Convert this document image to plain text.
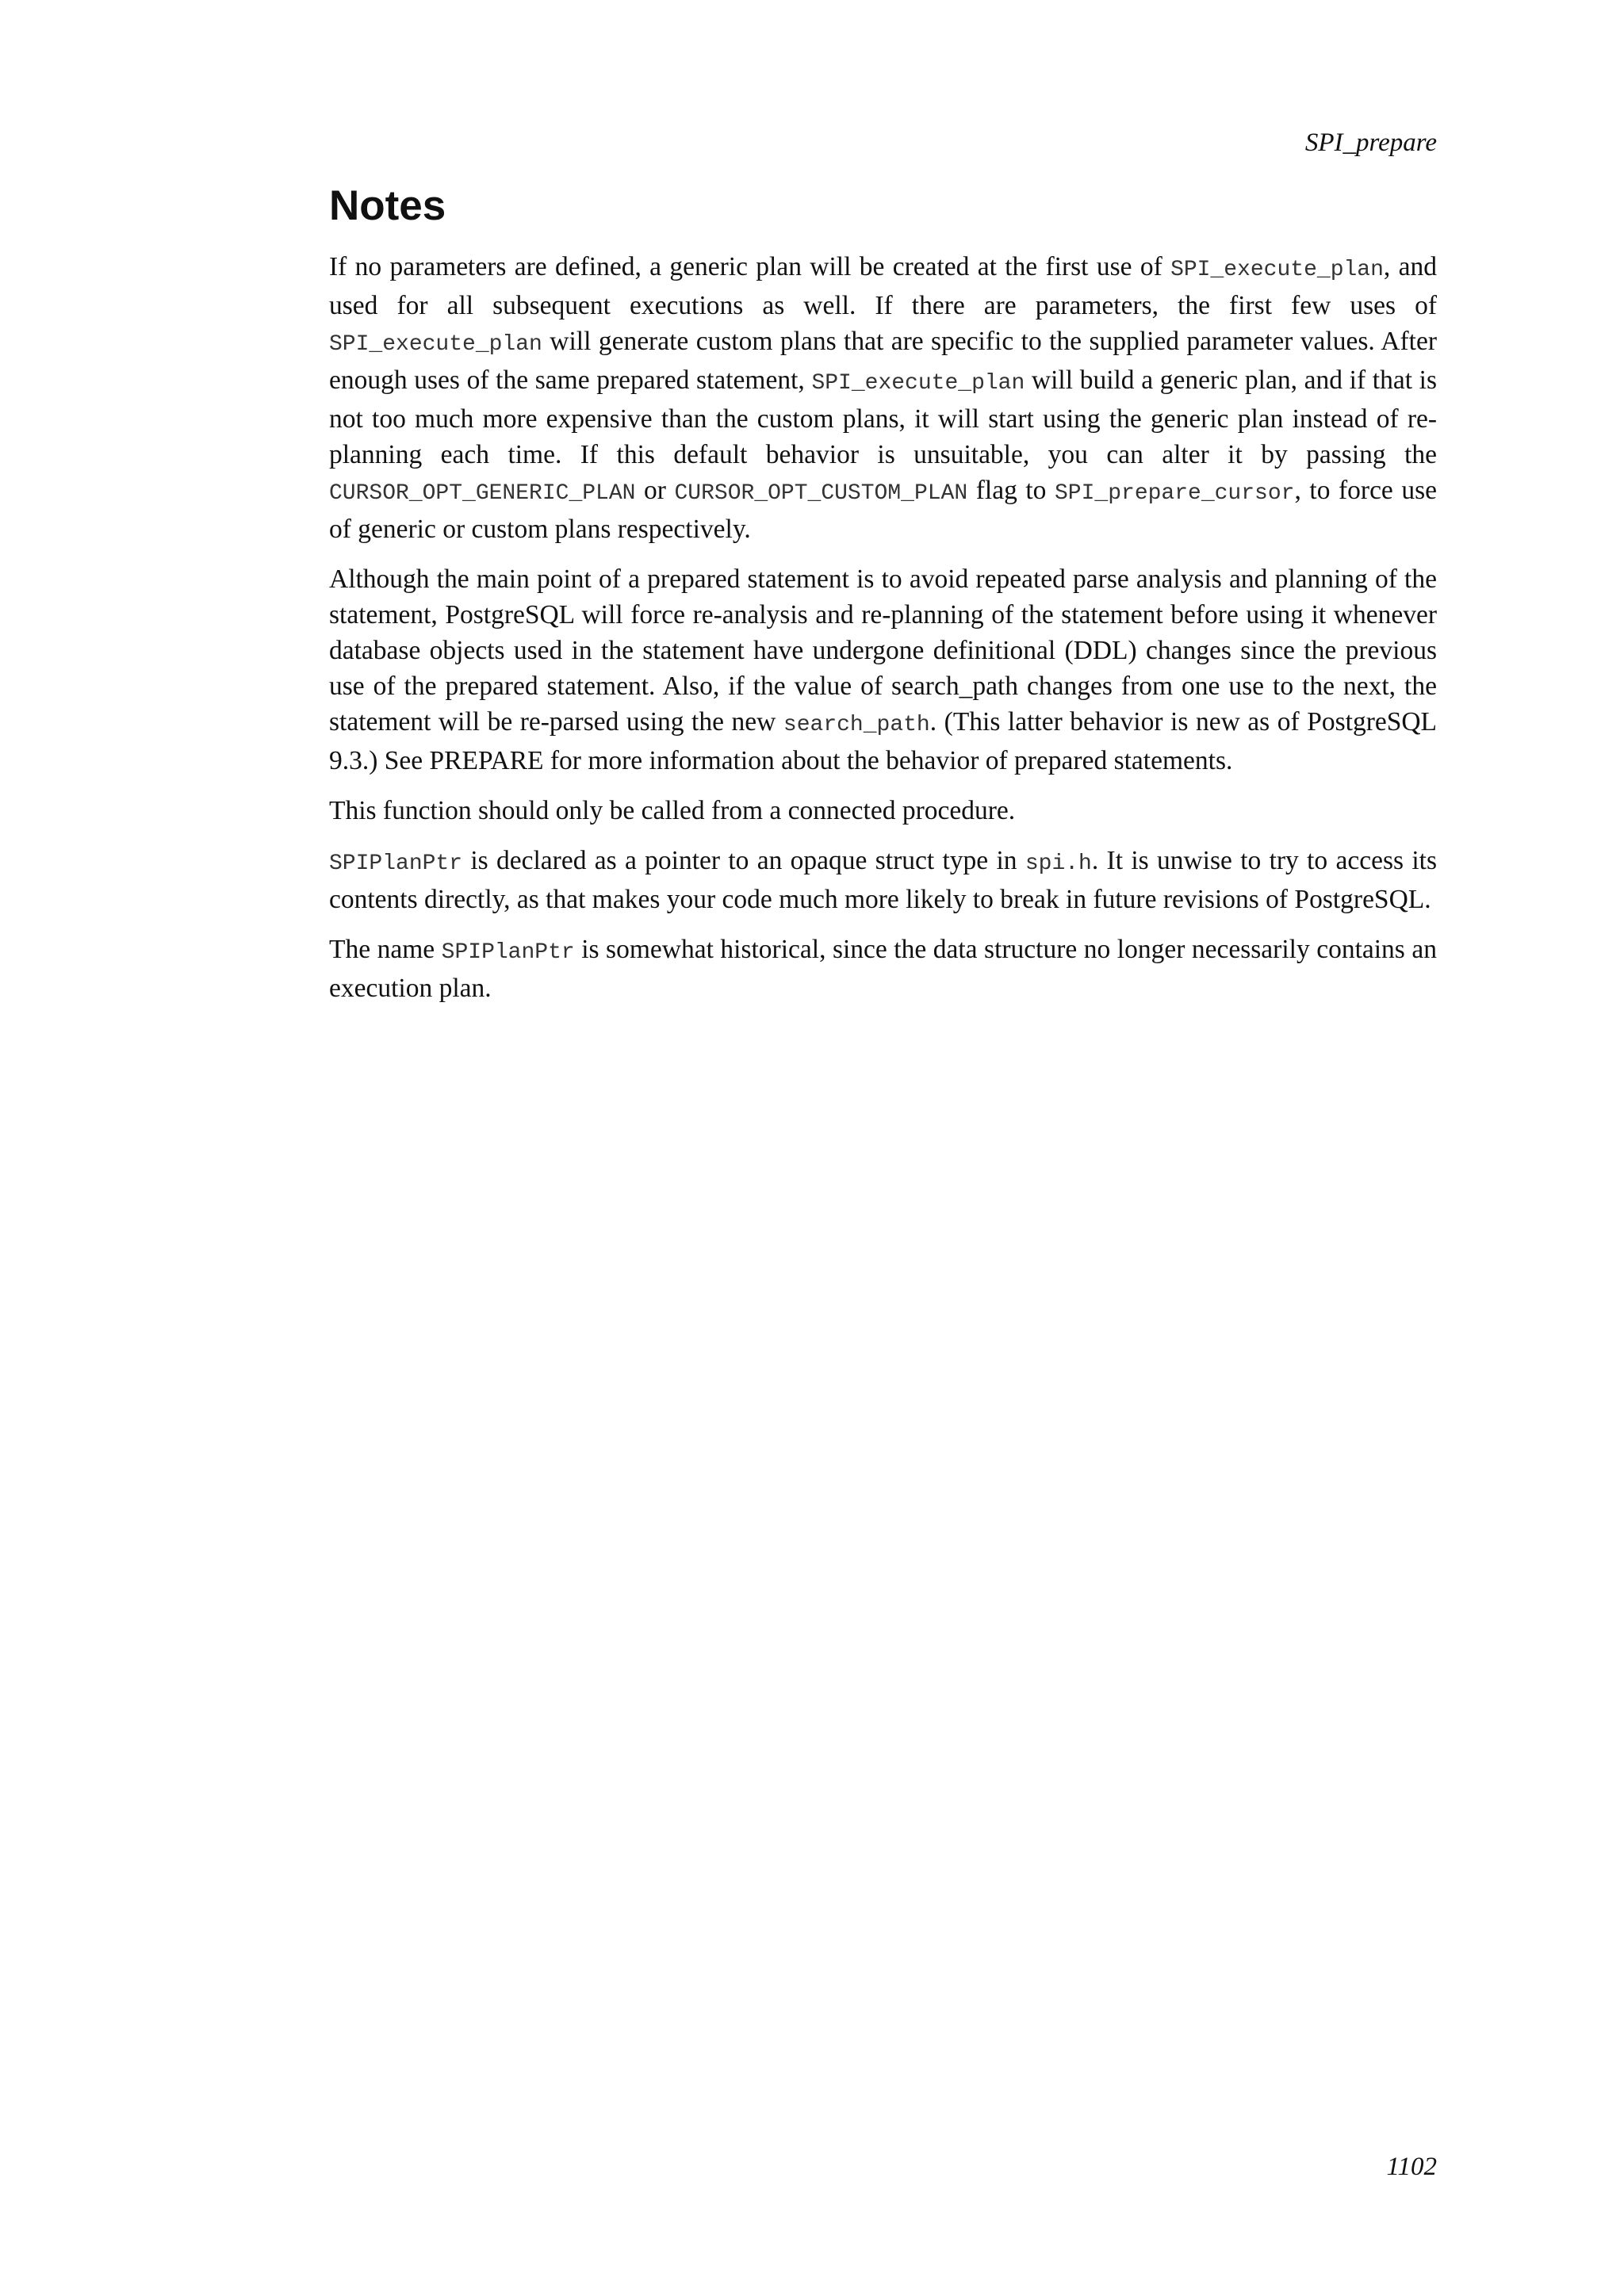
SPI_prepare
Notes

If no parameters are defined, a generic plan will be created at the first use of SPI_execute_plan, and used for all subsequent executions as well. If there are parameters, the first few uses of SPI_execute_plan will generate custom plans that are specific to the supplied parameter values. After enough uses of the same prepared statement, SPI_execute_plan will build a generic plan, and if that is not too much more expensive than the custom plans, it will start using the generic plan instead of re-planning each time. If this default behavior is unsuitable, you can alter it by passing the CURSOR_OPT_GENERIC_PLAN or CURSOR_OPT_CUSTOM_PLAN flag to SPI_prepare_cursor, to force use of generic or custom plans respectively.

Although the main point of a prepared statement is to avoid repeated parse analysis and planning of the statement, PostgreSQL will force re-analysis and re-planning of the statement before using it whenever database objects used in the statement have undergone definitional (DDL) changes since the previous use of the prepared statement. Also, if the value of search_path changes from one use to the next, the statement will be re-parsed using the new search_path. (This latter behavior is new as of PostgreSQL 9.3.) See PREPARE for more information about the behavior of prepared statements.

This function should only be called from a connected procedure.

SPIPlanPtr is declared as a pointer to an opaque struct type in spi.h. It is unwise to try to access its contents directly, as that makes your code much more likely to break in future revisions of PostgreSQL.

The name SPIPlanPtr is somewhat historical, since the data structure no longer necessarily contains an execution plan.

1102
